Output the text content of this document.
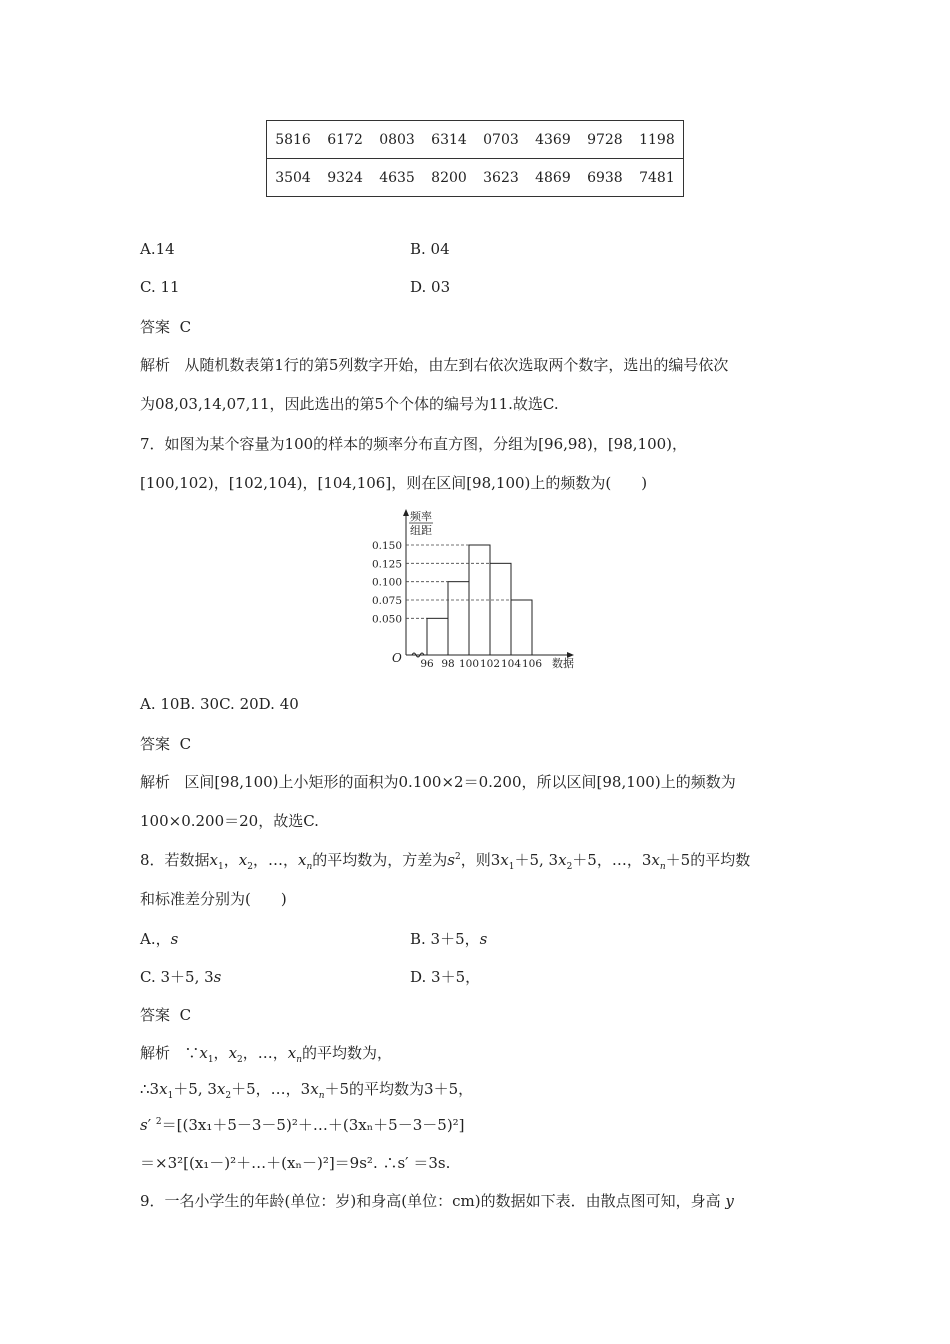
5816	6172	0803	6314	0703	4369	9728	1198
3504	9324	4635	8200	3623	4869	6938	7481
A.14	B. 04
C. 11	D. 03
答案 C
解析 从随机数表第1行的第5列数字开始，由左到右依次选取两个数字，选出的编号依次
为08,03,14,07,11，因此选出的第5个个体的编号为11.故选C.
7．如图为某个容量为100的样本的频率分布直方图，分组为[96,98)，[98,100)，
[100,102)，[102,104)，[104,106]，则在区间[98,100)上的频数为(　　)
频率
组距
数据
O
0.050
0.075
0.100
0.125
0.150
96 98 100 102 104 106
A. 10B. 30C. 20D. 40
答案 C
解析 区间[98,100)上小矩形的面积为0.100×2＝0.200，所以区间[98,100)上的频数为
100×0.200＝20，故选C.
8．若数据$x_1$，$x_2$，…，$x_n$的平均数为，方差为$s^2$，则$3x_1+5$, $3x_2+5$，…，$3x_n+5$的平均数
和标准差分别为(　　)
A.，s	B. 3＋5，s
C. 3＋5, 3s	D. 3＋5，
答案 C
解析 $\because x_1$，$x_2$，…，$x_n$的平均数为，
$\therefore 3x_1+5$, $3x_2+5$，…，$3x_n+5$的平均数为3＋5，
s′ $^2$＝[(3x₁＋5－3－5)²＋…＋(3xₙ＋5－3－5)²]
＝×3²[(x₁－)²＋…＋(xₙ－)²]＝9s². ∴s′ ＝3s.
9．一名小学生的年龄(单位：岁)和身高(单位：cm)的数据如下表．由散点图可知，身高 y
